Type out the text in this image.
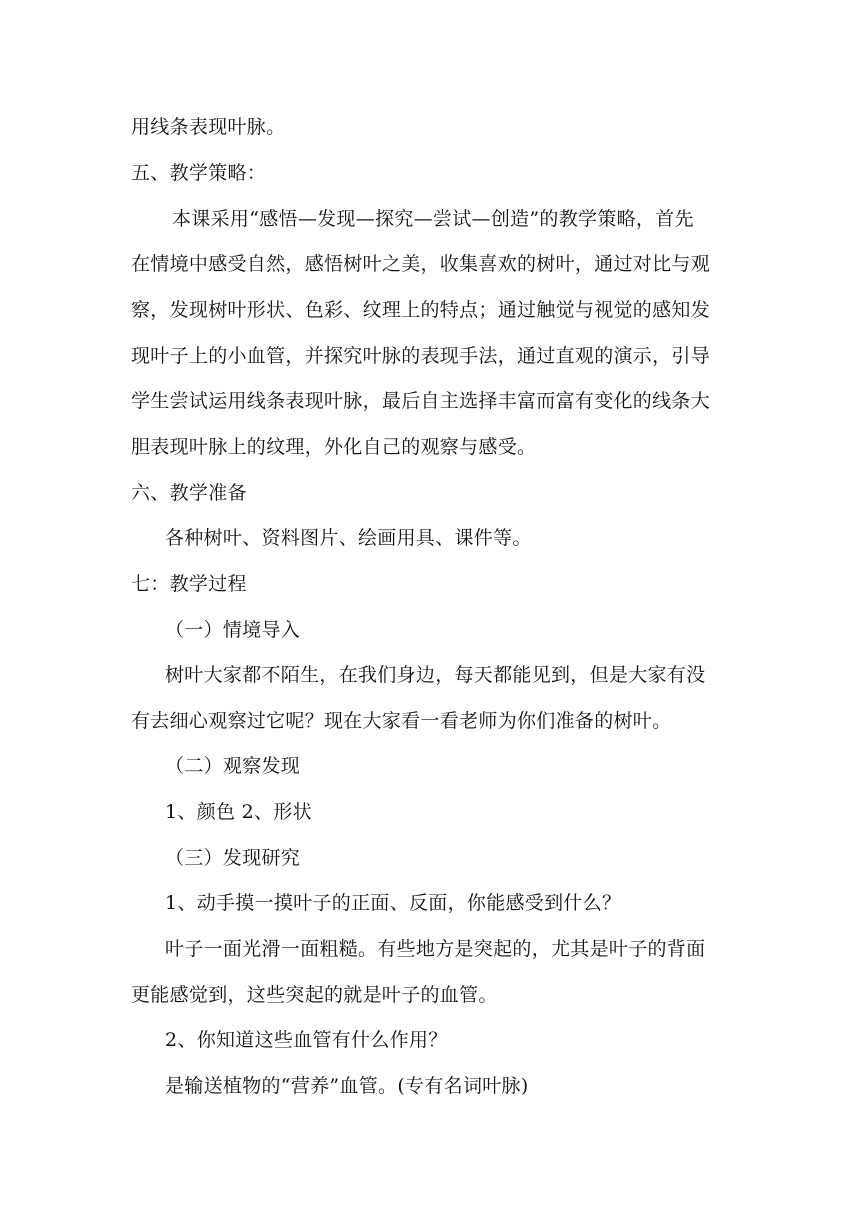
用线条表现叶脉。
五、教学策略：
本课采用“感悟—发现—探究—尝试—创造”的教学策略，首先
在情境中感受自然，感悟树叶之美，收集喜欢的树叶，通过对比与观
察，发现树叶形状、色彩、纹理上的特点；通过触觉与视觉的感知发
现叶子上的小血管，并探究叶脉的表现手法，通过直观的演示，引导
学生尝试运用线条表现叶脉，最后自主选择丰富而富有变化的线条大
胆表现叶脉上的纹理，外化自己的观察与感受。
六、教学准备
各种树叶、资料图片、绘画用具、课件等。
七：教学过程
（一）情境导入
树叶大家都不陌生，在我们身边，每天都能见到，但是大家有没
有去细心观察过它呢？现在大家看一看老师为你们准备的树叶。
（二）观察发现
1、颜色 2、形状
（三）发现研究
1、动手摸一摸叶子的正面、反面，你能感受到什么？
叶子一面光滑一面粗糙。有些地方是突起的，尤其是叶子的背面
更能感觉到，这些突起的就是叶子的血管。
2、你知道这些血管有什么作用？
是输送植物的“营养”血管。(专有名词叶脉)
